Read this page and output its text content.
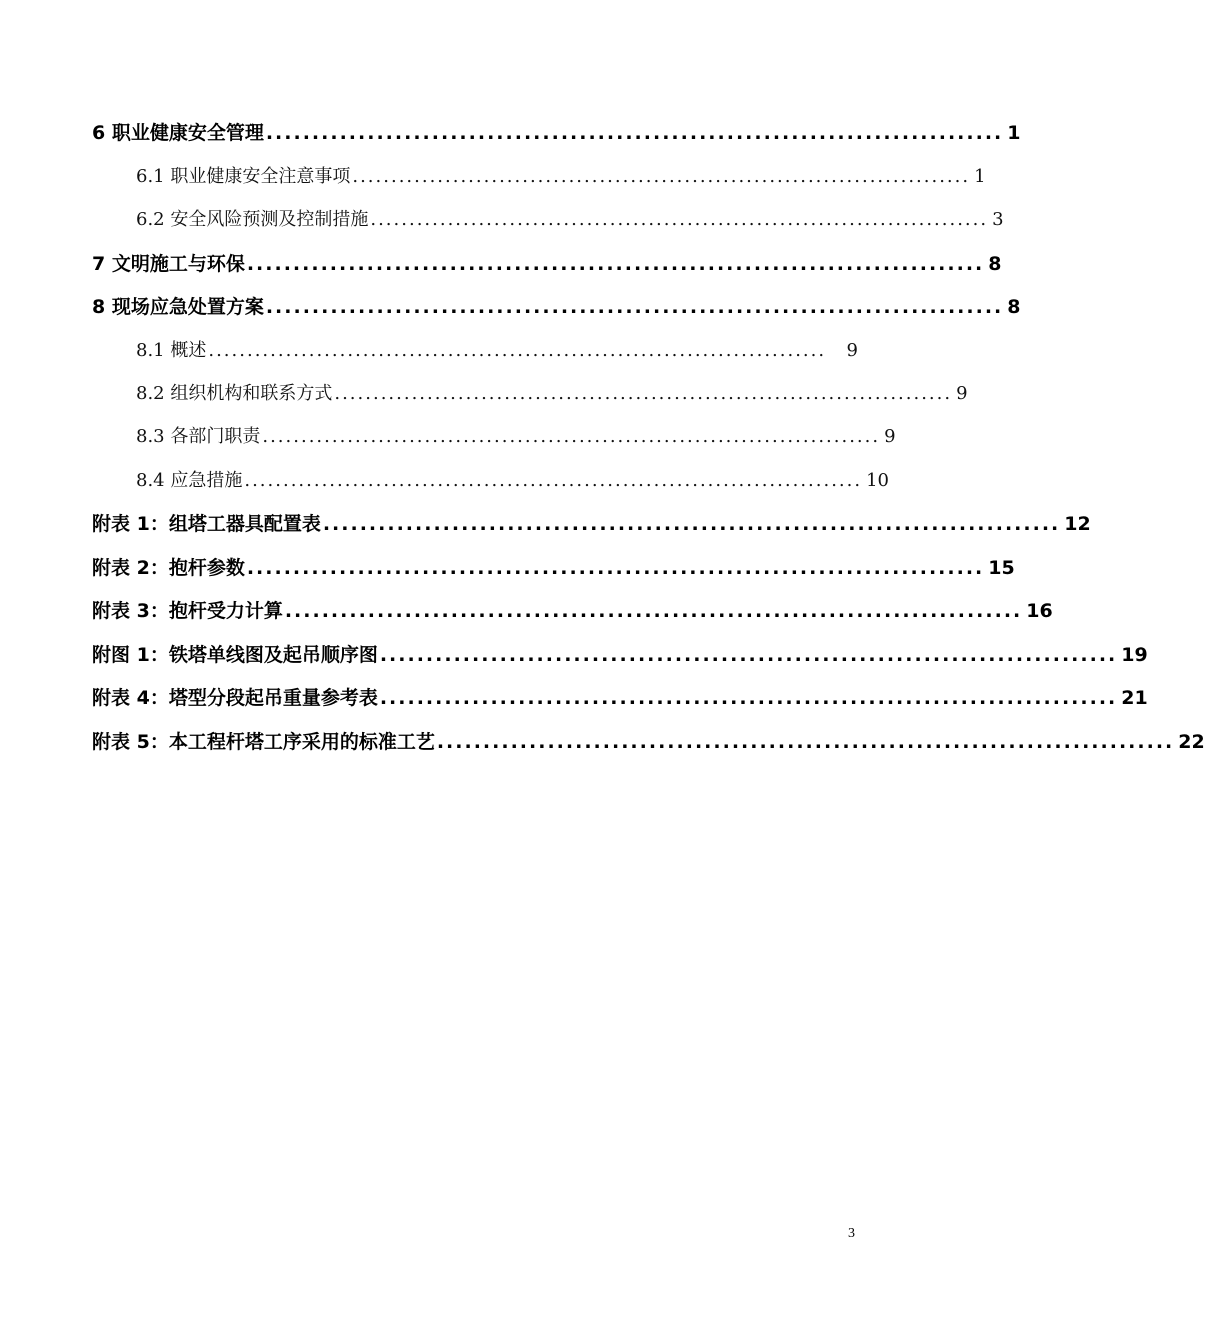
6 职业健康安全管理 ................................................................................ 1
6.1 职业健康安全注意事项 ................................................................................ 1
6.2 安全风险预测及控制措施 ................................................................................ 3
7 文明施工与环保 ................................................................................ 8
8 现场应急处置方案 ................................................................................ 8
8.1 概述 ................................................................................	9
8.2 组织机构和联系方式 ................................................................................ 9
8.3 各部门职责 ................................................................................ 9
8.4 应急措施 ................................................................................ 10
附表 1：组塔工器具配置表 ................................................................................ 12
附表 2：抱杆参数 ................................................................................ 15
附表 3：抱杆受力计算 ................................................................................ 16
附图 1：铁塔单线图及起吊顺序图 ................................................................................ 19
附表 4：塔型分段起吊重量参考表 ................................................................................ 21
附表 5：本工程杆塔工序采用的标准工艺 ................................................................................ 22
3
